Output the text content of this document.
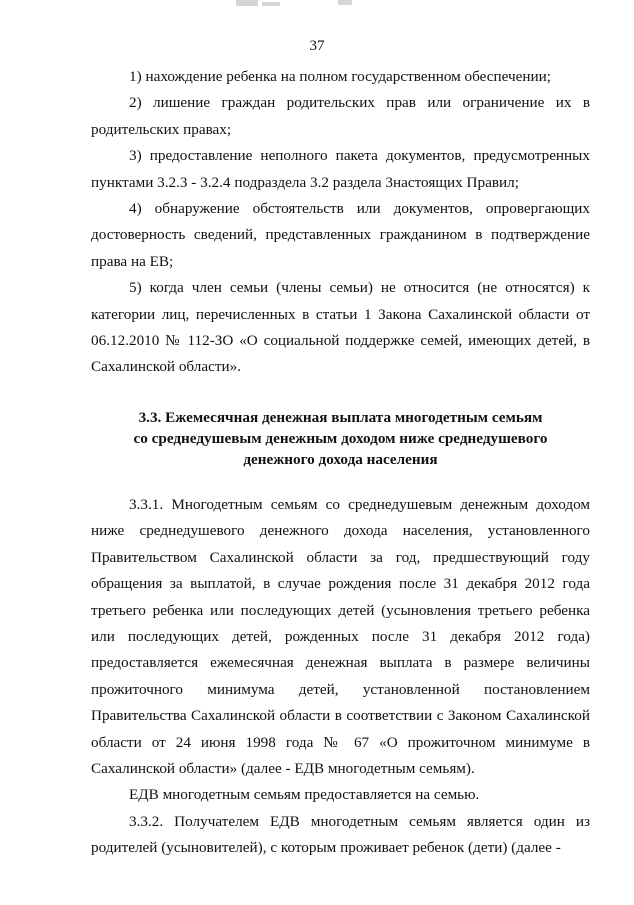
37

1) нахождение ребенка на полном государственном обеспечении;

2) лишение граждан родительских прав или ограничение их в родительских правах;

3) предоставление неполного пакета документов, предусмотренных пунктами 3.2.3 - 3.2.4 подраздела 3.2 раздела 3настоящих Правил;

4) обнаружение обстоятельств или документов, опровергающих достоверность сведений, представленных гражданином в подтверждение права на ЕВ;

5) когда член семьи (члены семьи) не относится (не относятся) к категории лиц, перечисленных в статьи 1 Закона Сахалинской области от 06.12.2010 № 112-ЗО «О социальной поддержке семей, имеющих детей, в Сахалинской области».

3.3. Ежемесячная денежная выплата многодетным семьям
со среднедушевым денежным доходом ниже среднедушевого
денежного дохода населения

3.3.1. Многодетным семьям со среднедушевым денежным доходом ниже среднедушевого денежного дохода населения, установленного Правительством Сахалинской области за год, предшествующий году обращения за выплатой, в случае рождения после 31 декабря 2012 года третьего ребенка или последующих детей (усыновления третьего ребенка или последующих детей, рожденных после 31 декабря 2012 года) предоставляется ежемесячная денежная выплата в размере величины прожиточного минимума детей, установленной постановлением Правительства Сахалинской области в соответствии с Законом Сахалинской области от 24 июня 1998 года № 67 «О прожиточном минимуме в Сахалинской области» (далее - ЕДВ многодетным семьям).

ЕДВ многодетным семьям предоставляется на семью.

3.3.2. Получателем ЕДВ многодетным семьям является один из родителей (усыновителей), с которым проживает ребенок (дети) (далее -
